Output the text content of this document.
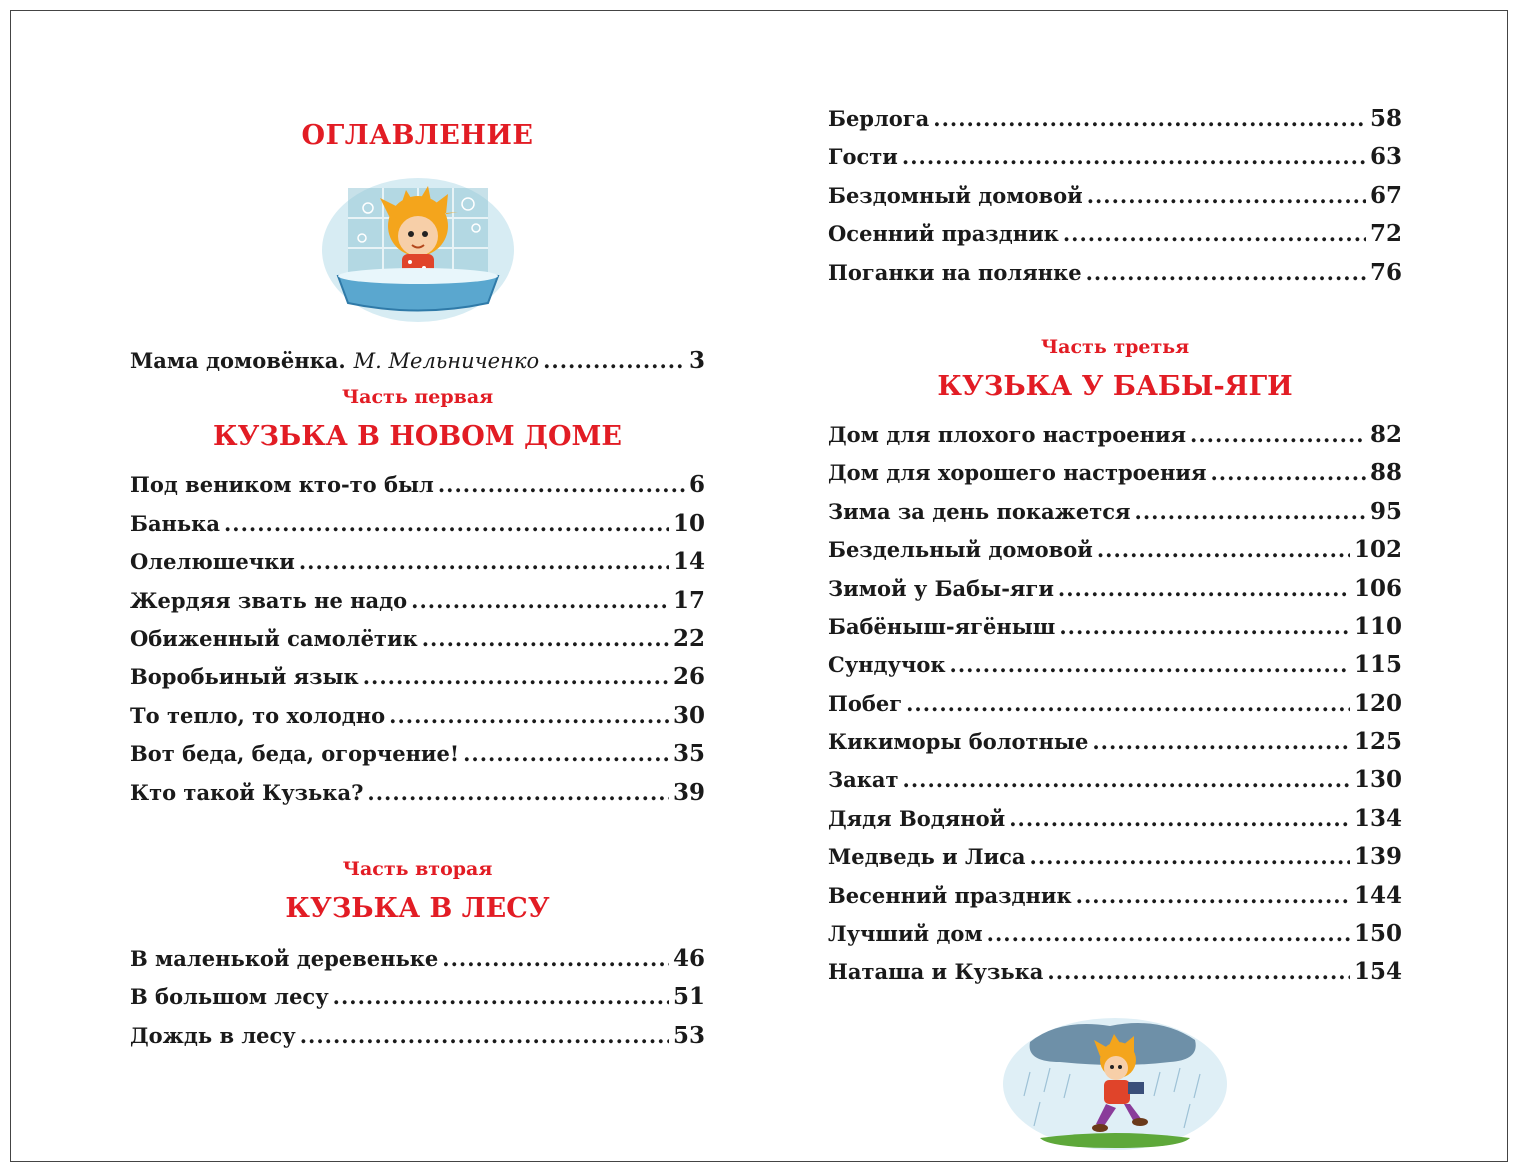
ОГЛАВЛЕНИЕ
Мама домовёнка. М. Мельниченко .....	3
Часть первая
КУЗЬКА В НОВОМ ДОМЕ
Под веником кто-то был .....	6
Банька .....	10
Олелюшечки .....	14
Жердяя звать не надо .....	17
Обиженный самолётик .....	22
Воробьиный язык .....	26
То тепло, то холодно .....	30
Вот беда, беда, огорчение! .....	35
Кто такой Кузька? .....	39
Часть вторая
КУЗЬКА В ЛЕСУ
В маленькой деревеньке .....	46
В большом лесу .....	51
Дождь в лесу .....	53
Берлога .....	58
Гости .....	63
Бездомный домовой .....	67
Осенний праздник .....	72
Поганки на полянке .....	76
Часть третья
КУЗЬКА У БАБЫ-ЯГИ
Дом для плохого настроения .....	82
Дом для хорошего настроения .....	88
Зима за день покажется .....	95
Бездельный домовой .....	102
Зимой у Бабы-яги .....	106
Бабёныш-ягёныш .....	110
Сундучок .....	115
Побег .....	120
Кикиморы болотные .....	125
Закат .....	130
Дядя Водяной .....	134
Медведь и Лиса .....	139
Весенний праздник .....	144
Лучший дом .....	150
Наташа и Кузька .....	154
